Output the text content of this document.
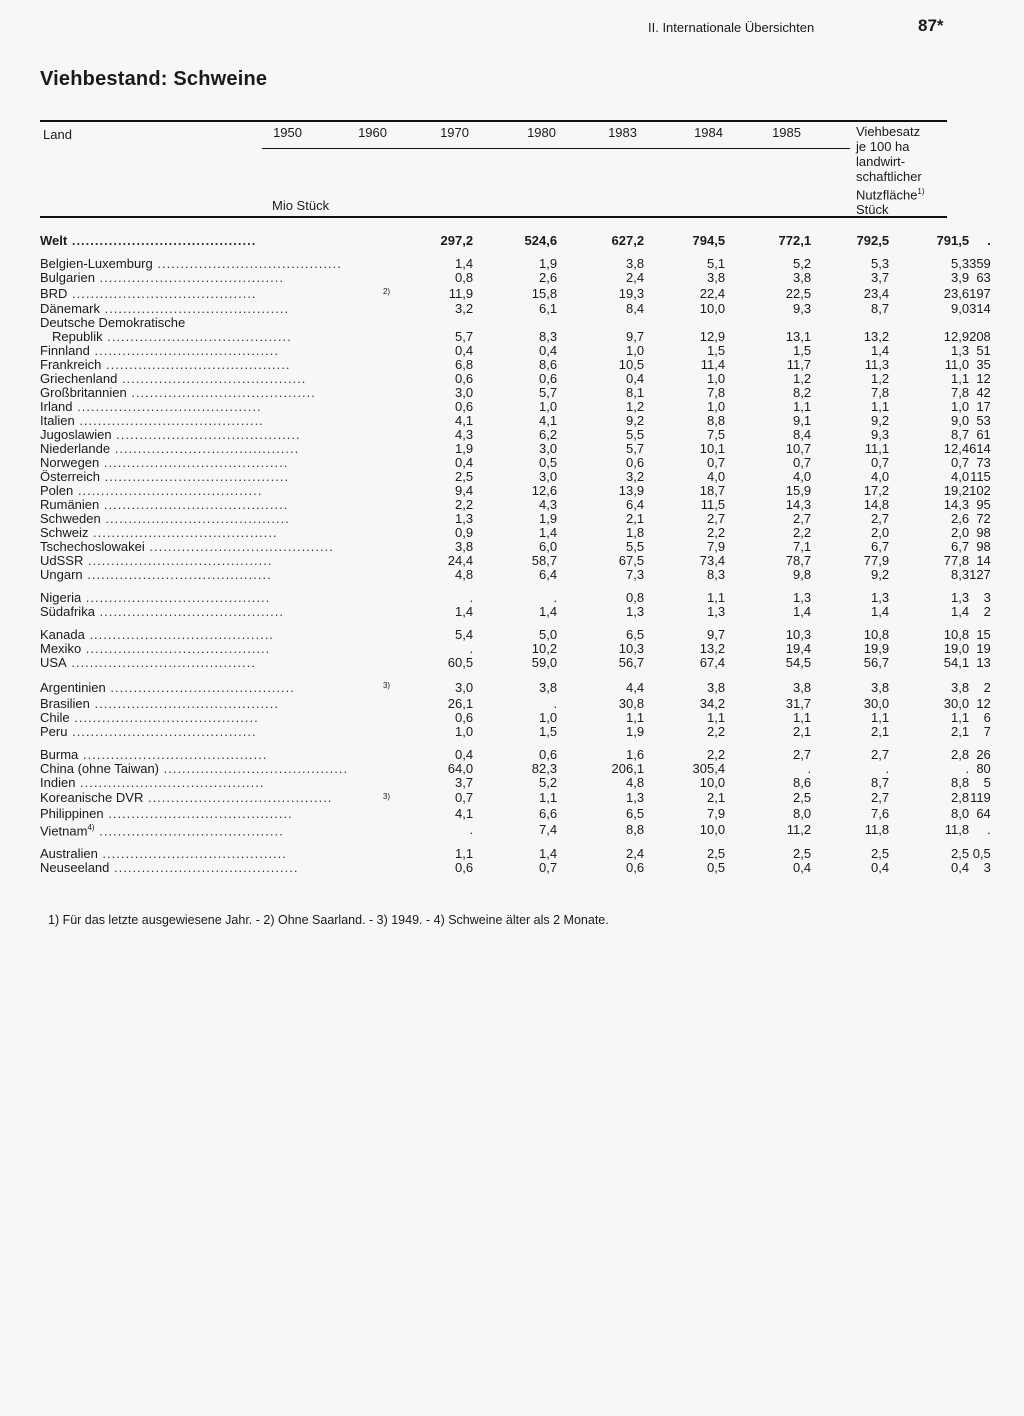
II. Internationale Übersichten	87*
Viehbestand: Schweine
Land	1950	1960	1970	1980	1983	1984	1985	Viehbesatz
je 100 ha
landwirt-
schaftlicher
Nutzfläche$^{1)}$
Stück
Mio Stück
Welt ........................................		297,2	524,6	627,2	794,5	772,1	792,5	791,5	.

Belgien-Luxemburg ........................................		1,4	1,9	3,8	5,1	5,2	5,3	5,3	359
Bulgarien ........................................		0,8	2,6	2,4	3,8	3,8	3,7	3,9	63
BRD ........................................	$^{2)}$	11,9	15,8	19,3	22,4	22,5	23,4	23,6	197
Dänemark ........................................		3,2	6,1	8,4	10,0	9,3	8,7	9,0	314
Deutsche Demokratische									
Republik ........................................		5,7	8,3	9,7	12,9	13,1	13,2	12,9	208
Finnland ........................................		0,4	0,4	1,0	1,5	1,5	1,4	1,3	51
Frankreich ........................................		6,8	8,6	10,5	11,4	11,7	11,3	11,0	35
Griechenland ........................................		0,6	0,6	0,4	1,0	1,2	1,2	1,1	12
Großbritannien ........................................		3,0	5,7	8,1	7,8	8,2	7,8	7,8	42
Irland ........................................		0,6	1,0	1,2	1,0	1,1	1,1	1,0	17
Italien ........................................		4,1	4,1	9,2	8,8	9,1	9,2	9,0	53
Jugoslawien ........................................		4,3	6,2	5,5	7,5	8,4	9,3	8,7	61
Niederlande ........................................		1,9	3,0	5,7	10,1	10,7	11,1	12,4	614
Norwegen ........................................		0,4	0,5	0,6	0,7	0,7	0,7	0,7	73
Österreich ........................................		2,5	3,0	3,2	4,0	4,0	4,0	4,0	115
Polen ........................................		9,4	12,6	13,9	18,7	15,9	17,2	19,2	102
Rumänien ........................................		2,2	4,3	6,4	11,5	14,3	14,8	14,3	95
Schweden ........................................		1,3	1,9	2,1	2,7	2,7	2,7	2,6	72
Schweiz ........................................		0,9	1,4	1,8	2,2	2,2	2,0	2,0	98
Tschechoslowakei ........................................		3,8	6,0	5,5	7,9	7,1	6,7	6,7	98
UdSSR ........................................		24,4	58,7	67,5	73,4	78,7	77,9	77,8	14
Ungarn ........................................		4,8	6,4	7,3	8,3	9,8	9,2	8,3	127

Nigeria ........................................		.	.	0,8	1,1	1,3	1,3	1,3	3
Südafrika ........................................		1,4	1,4	1,3	1,3	1,4	1,4	1,4	2

Kanada ........................................		5,4	5,0	6,5	9,7	10,3	10,8	10,8	15
Mexiko ........................................		.	10,2	10,3	13,2	19,4	19,9	19,0	19
USA ........................................		60,5	59,0	56,7	67,4	54,5	56,7	54,1	13

Argentinien ........................................	$^{3)}$	3,0	3,8	4,4	3,8	3,8	3,8	3,8	2
Brasilien ........................................		26,1	.	30,8	34,2	31,7	30,0	30,0	12
Chile ........................................		0,6	1,0	1,1	1,1	1,1	1,1	1,1	6
Peru ........................................		1,0	1,5	1,9	2,2	2,1	2,1	2,1	7

Burma ........................................		0,4	0,6	1,6	2,2	2,7	2,7	2,8	26
China (ohne Taiwan) ........................................		64,0	82,3	206,1	305,4	.	.	.	80
Indien ........................................		3,7	5,2	4,8	10,0	8,6	8,7	8,8	5
Koreanische DVR ........................................	$^{3)}$	0,7	1,1	1,3	2,1	2,5	2,7	2,8	119
Philippinen ........................................		4,1	6,6	6,5	7,9	8,0	7,6	8,0	64
Vietnam$^{4)}$ ........................................		.	7,4	8,8	10,0	11,2	11,8	11,8	.

Australien ........................................		1,1	1,4	2,4	2,5	2,5	2,5	2,5	0,5
Neuseeland ........................................		0,6	0,7	0,6	0,5	0,4	0,4	0,4	3
1) Für das letzte ausgewiesene Jahr. - 2) Ohne Saarland. - 3) 1949. - 4) Schweine älter als 2 Monate.
